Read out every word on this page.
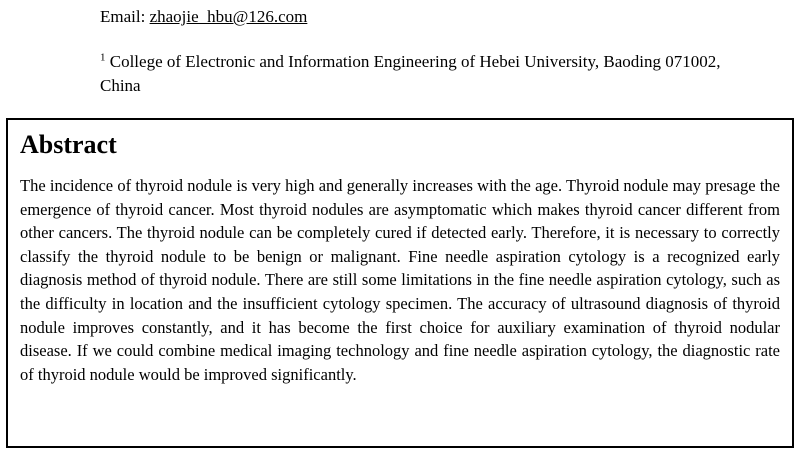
Email: zhaojie_hbu@126.com

$^1$ College of Electronic and Information Engineering of Hebei University, Baoding 071002, China

Abstract

The incidence of thyroid nodule is very high and generally increases with the age. Thyroid nodule may presage the emergence of thyroid cancer. Most thyroid nodules are asymptomatic which makes thyroid cancer different from other cancers. The thyroid nodule can be completely cured if detected early. Therefore, it is necessary to correctly classify the thyroid nodule to be benign or malignant. Fine needle aspiration cytology is a recognized early diagnosis method of thyroid nodule. There are still some limitations in the fine needle aspiration cytology, such as the difficulty in location and the insufficient cytology specimen. The accuracy of ultrasound diagnosis of thyroid nodule improves constantly, and it has become the first choice for auxiliary examination of thyroid nodular disease. If we could combine medical imaging technology and fine needle aspiration cytology, the diagnostic rate of thyroid nodule would be improved significantly.
